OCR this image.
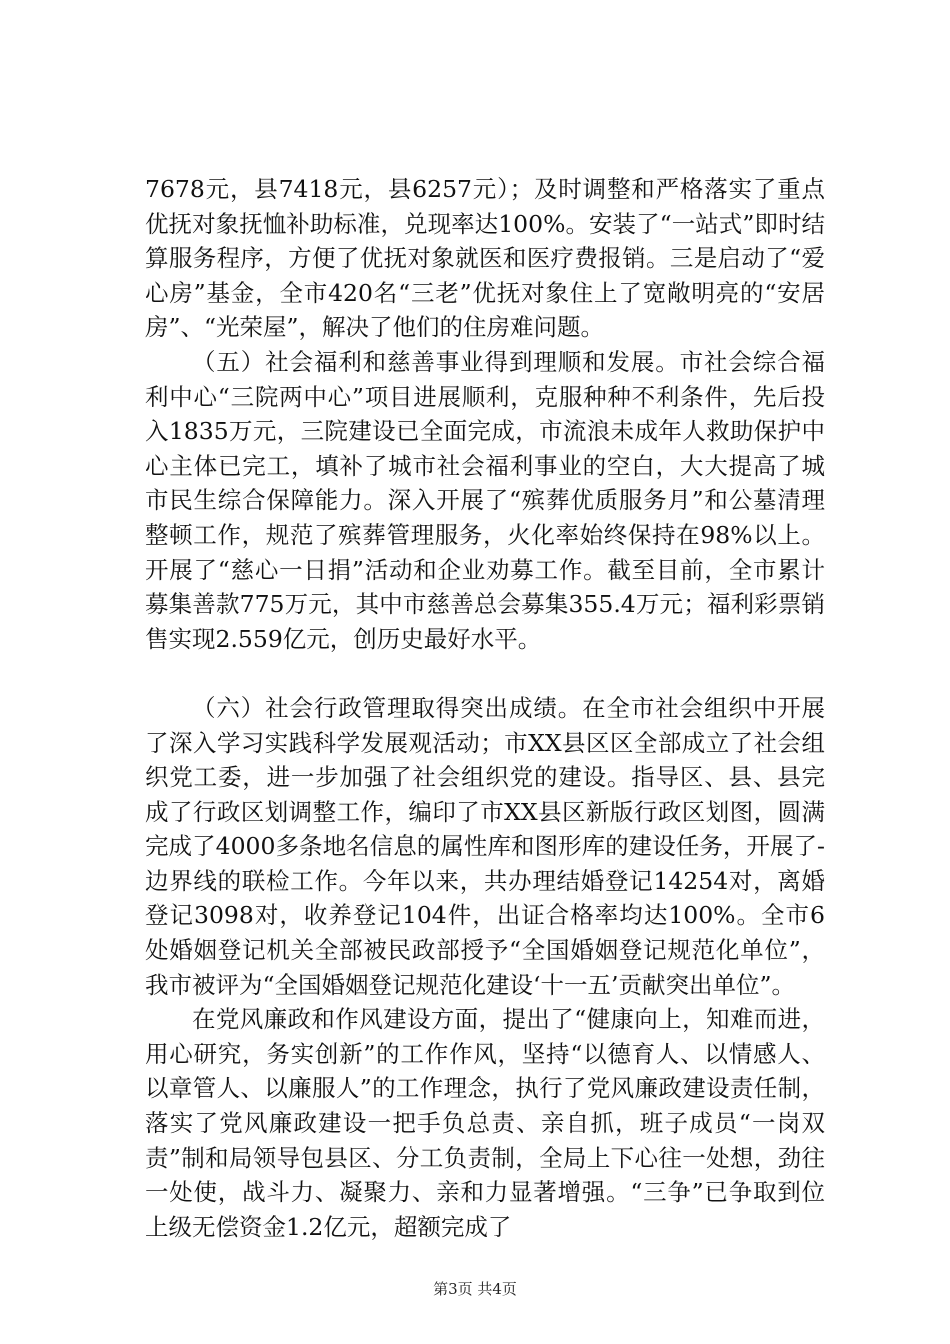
7678元，县7418元，县6257元）；及时调整和严格落实了重点优抚对象抚恤补助标准，兑现率达100%。安装了“一站式”即时结算服务程序，方便了优抚对象就医和医疗费报销。三是启动了“爱心房”基金，全市420名“三老”优抚对象住上了宽敞明亮的“安居房”、“光荣屋”，解决了他们的住房难问题。

（五）社会福利和慈善事业得到理顺和发展。市社会综合福利中心“三院两中心”项目进展顺利，克服种种不利条件，先后投入1835万元，三院建设已全面完成，市流浪未成年人救助保护中心主体已完工，填补了城市社会福利事业的空白，大大提高了城市民生综合保障能力。深入开展了“殡葬优质服务月”和公墓清理整顿工作，规范了殡葬管理服务，火化率始终保持在98%以上。开展了“慈心一日捐”活动和企业劝募工作。截至目前，全市累计募集善款775万元，其中市慈善总会募集355.4万元；福利彩票销售实现2.559亿元，创历史最好水平。

（六）社会行政管理取得突出成绩。在全市社会组织中开展了深入学习实践科学发展观活动；市XX县区区全部成立了社会组织党工委，进一步加强了社会组织党的建设。指导区、县、县完成了行政区划调整工作，编印了市XX县区新版行政区划图，圆满完成了4000多条地名信息的属性库和图形库的建设任务，开展了-边界线的联检工作。今年以来，共办理结婚登记14254对，离婚登记3098对，收养登记104件，出证合格率均达100%。全市6处婚姻登记机关全部被民政部授予“全国婚姻登记规范化单位”，我市被评为“全国婚姻登记规范化建设‘十一五’贡献突出单位”。

在党风廉政和作风建设方面，提出了“健康向上，知难而进，用心研究，务实创新”的工作作风，坚持“以德育人、以情感人、以章管人、以廉服人”的工作理念，执行了党风廉政建设责任制，落实了党风廉政建设一把手负总责、亲自抓，班子成员“一岗双责”制和局领导包县区、分工负责制，全局上下心往一处想，劲往一处使，战斗力、凝聚力、亲和力显著增强。“三争”已争取到位上级无偿资金1.2亿元，超额完成了

第3页 共4页
